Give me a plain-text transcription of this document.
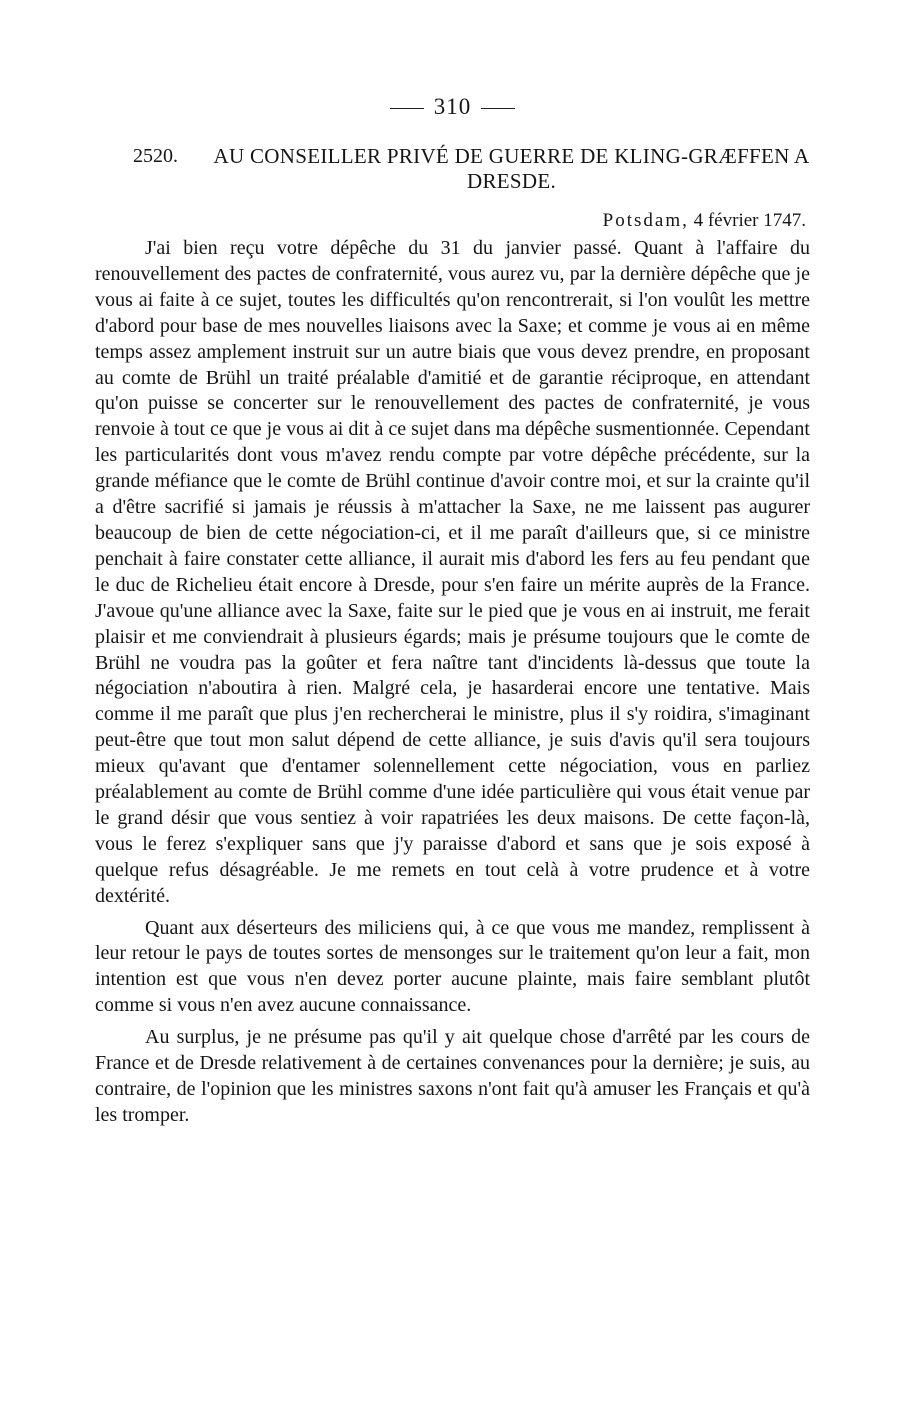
310
2520.	AU CONSEILLER PRIVÉ DE GUERRE DE KLING-GRÆFFEN A DRESDE.
Potsdam, 4 février 1747.

J'ai bien reçu votre dépêche du 31 du janvier passé. Quant à l'affaire du renouvellement des pactes de confraternité, vous aurez vu, par la dernière dépêche que je vous ai faite à ce sujet, toutes les difficultés qu'on rencontrerait, si l'on voulût les mettre d'abord pour base de mes nouvelles liaisons avec la Saxe; et comme je vous ai en même temps assez amplement instruit sur un autre biais que vous devez prendre, en proposant au comte de Brühl un traité préalable d'amitié et de garantie réciproque, en attendant qu'on puisse se concerter sur le renouvellement des pactes de confraternité, je vous renvoie à tout ce que je vous ai dit à ce sujet dans ma dépêche susmentionnée. Cependant les particularités dont vous m'avez rendu compte par votre dépêche précédente, sur la grande méfiance que le comte de Brühl continue d'avoir contre moi, et sur la crainte qu'il a d'être sacrifié si jamais je réussis à m'attacher la Saxe, ne me laissent pas augurer beaucoup de bien de cette négociation-ci, et il me paraît d'ailleurs que, si ce ministre penchait à faire constater cette alliance, il aurait mis d'abord les fers au feu pendant que le duc de Richelieu était encore à Dresde, pour s'en faire un mérite auprès de la France. J'avoue qu'une alliance avec la Saxe, faite sur le pied que je vous en ai instruit, me ferait plaisir et me conviendrait à plusieurs égards; mais je présume toujours que le comte de Brühl ne voudra pas la goûter et fera naître tant d'incidents là-dessus que toute la négociation n'aboutira à rien. Malgré cela, je hasarderai encore une tentative. Mais comme il me paraît que plus j'en rechercherai le ministre, plus il s'y roidira, s'imaginant peut-être que tout mon salut dépend de cette alliance, je suis d'avis qu'il sera toujours mieux qu'avant que d'entamer solennellement cette négociation, vous en parliez préalablement au comte de Brühl comme d'une idée particulière qui vous était venue par le grand désir que vous sentiez à voir rapatriées les deux maisons. De cette façon-là, vous le ferez s'expliquer sans que j'y paraisse d'abord et sans que je sois exposé à quelque refus désagréable. Je me remets en tout celà à votre prudence et à votre dextérité.

Quant aux déserteurs des miliciens qui, à ce que vous me mandez, remplissent à leur retour le pays de toutes sortes de mensonges sur le traitement qu'on leur a fait, mon intention est que vous n'en devez porter aucune plainte, mais faire semblant plutôt comme si vous n'en avez aucune connaissance.

Au surplus, je ne présume pas qu'il y ait quelque chose d'arrêté par les cours de France et de Dresde relativement à de certaines convenances pour la dernière; je suis, au contraire, de l'opinion que les ministres saxons n'ont fait qu'à amuser les Français et qu'à les tromper.
